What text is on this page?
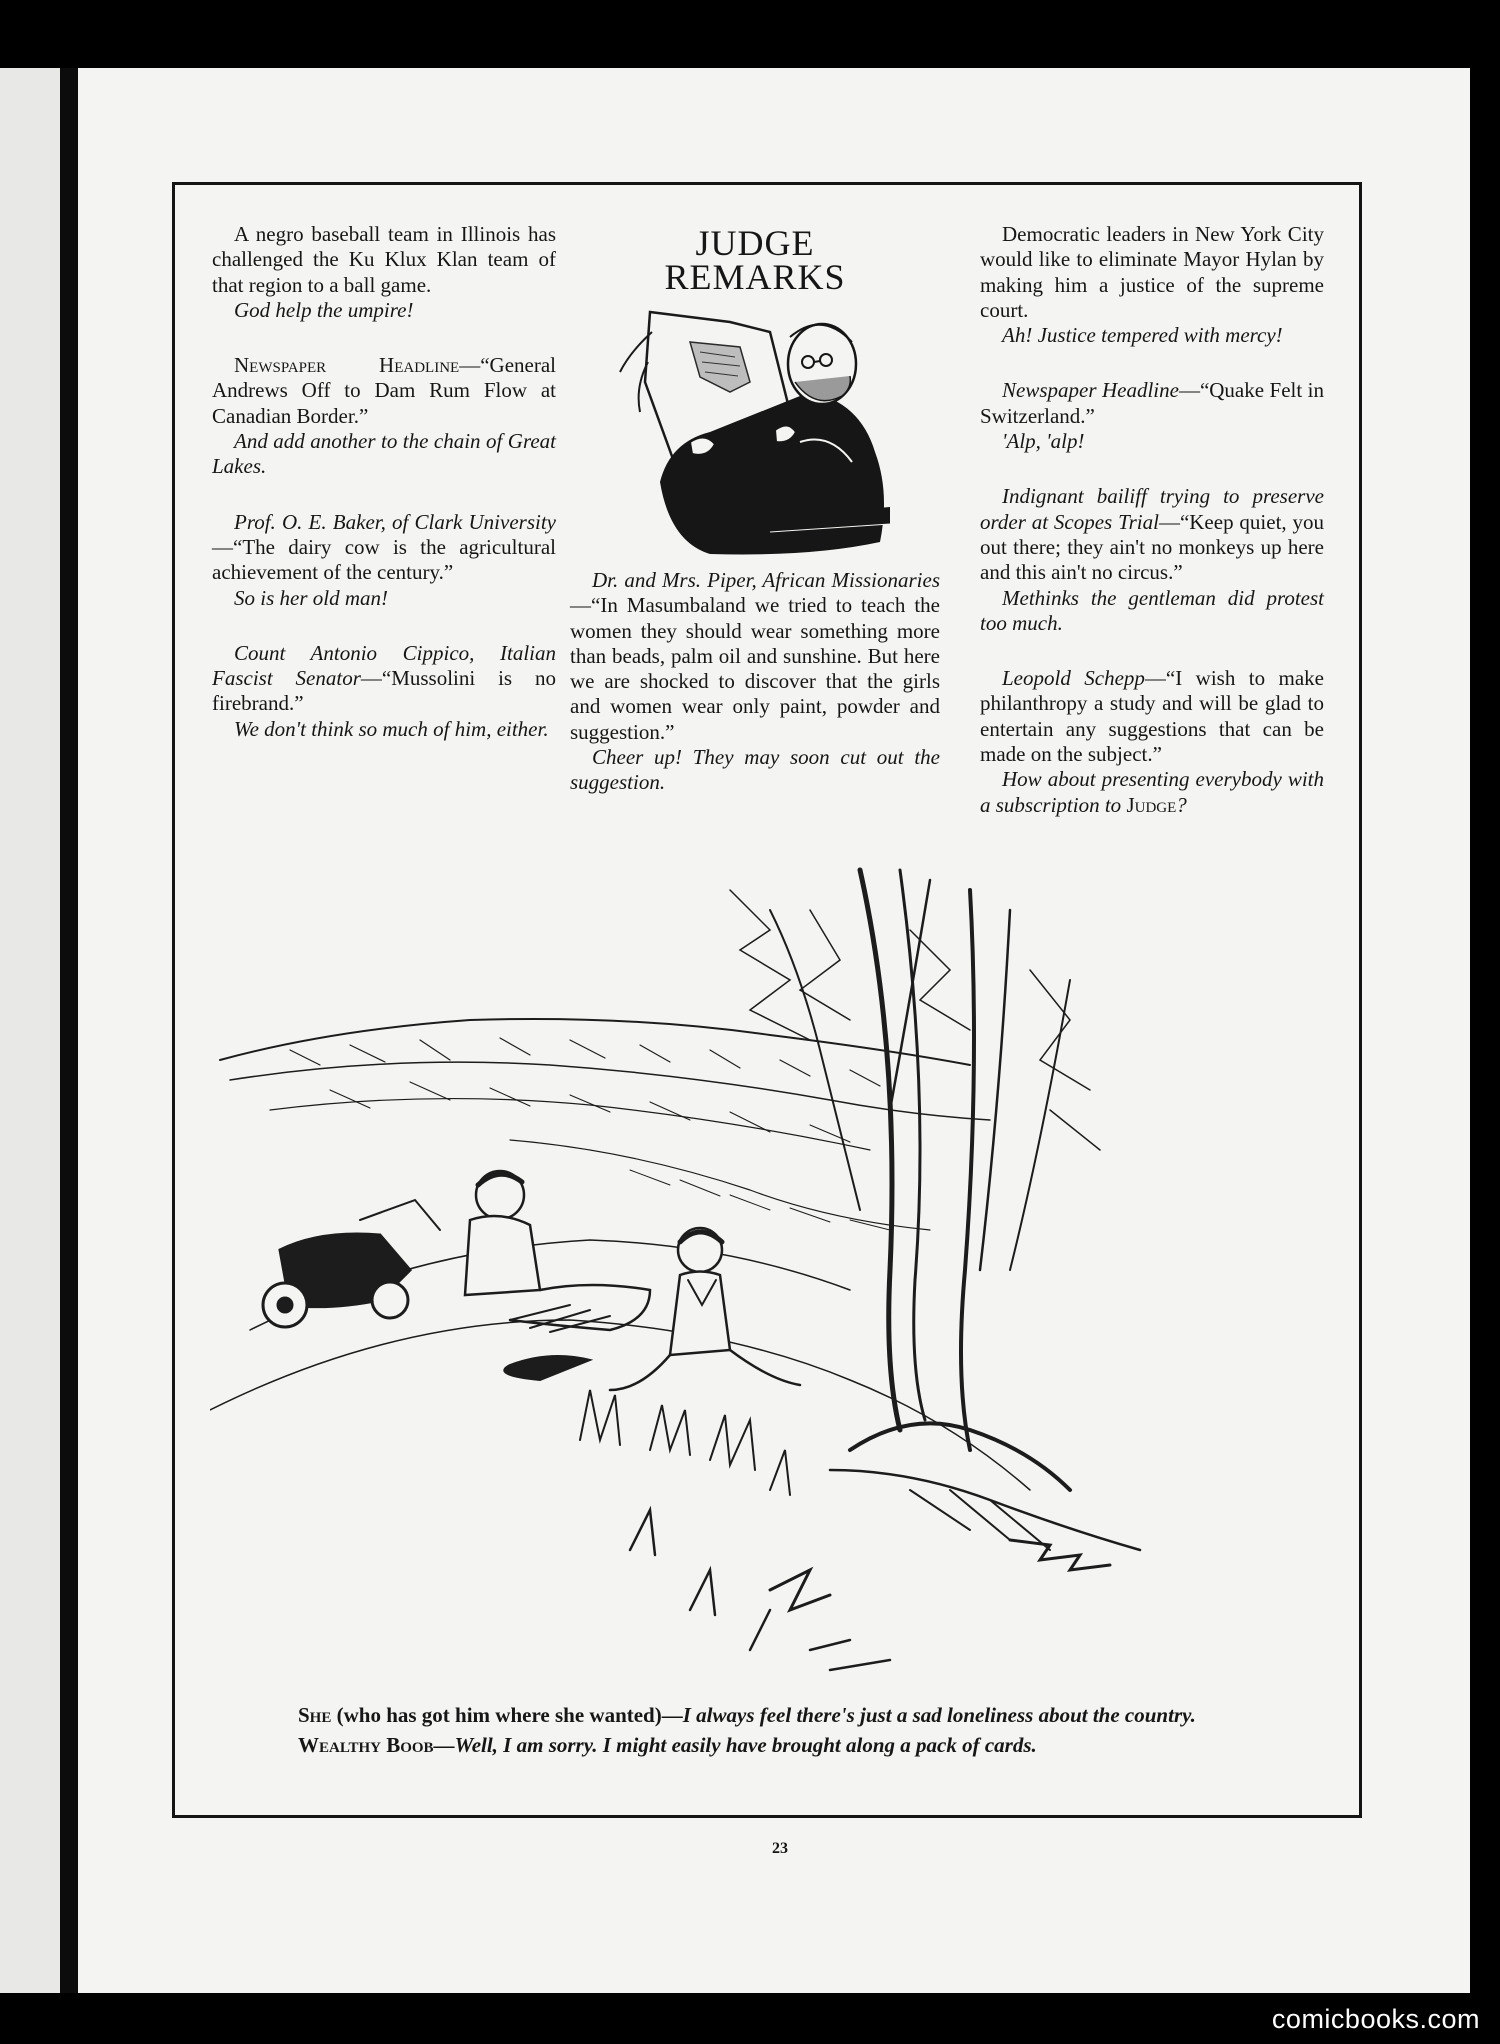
A negro baseball team in Illinois has challenged the Ku Klux Klan team of that region to a ball game.

God help the umpire!

Newspaper Headline—“General Andrews Off to Dam Rum Flow at Canadian Border.”

And add another to the chain of Great Lakes.

Prof. O. E. Baker, of Clark University—“The dairy cow is the agricultural achievement of the century.”

So is her old man!

Count Antonio Cippico, Italian Fascist Senator—“Mussolini is no firebrand.”

We don't think so much of him, either.

JUDGE
REMARKS

Dr. and Mrs. Piper, African Missionaries—“In Masumbaland we tried to teach the women they should wear something more than beads, palm oil and sunshine. But here we are shocked to discover that the girls and women wear only paint, powder and suggestion.”

Cheer up! They may soon cut out the suggestion.

Democratic leaders in New York City would like to eliminate Mayor Hylan by making him a justice of the supreme court.

Ah! Justice tempered with mercy!

Newspaper Headline—“Quake Felt in Switzerland.”

'Alp, 'alp!

Indignant bailiff trying to preserve order at Scopes Trial—“Keep quiet, you out there; they ain't no monkeys up here and this ain't no circus.”

Methinks the gentleman did protest too much.

Leopold Schepp—“I wish to make philanthropy a study and will be glad to entertain any suggestions that can be made on the subject.”

How about presenting everybody with a subscription to Judge?

She (who has got him where she wanted)—I always feel there's just a sad loneliness about the country.

Wealthy Boob—Well, I am sorry. I might easily have brought along a pack of cards.

23
comicbooks.com
